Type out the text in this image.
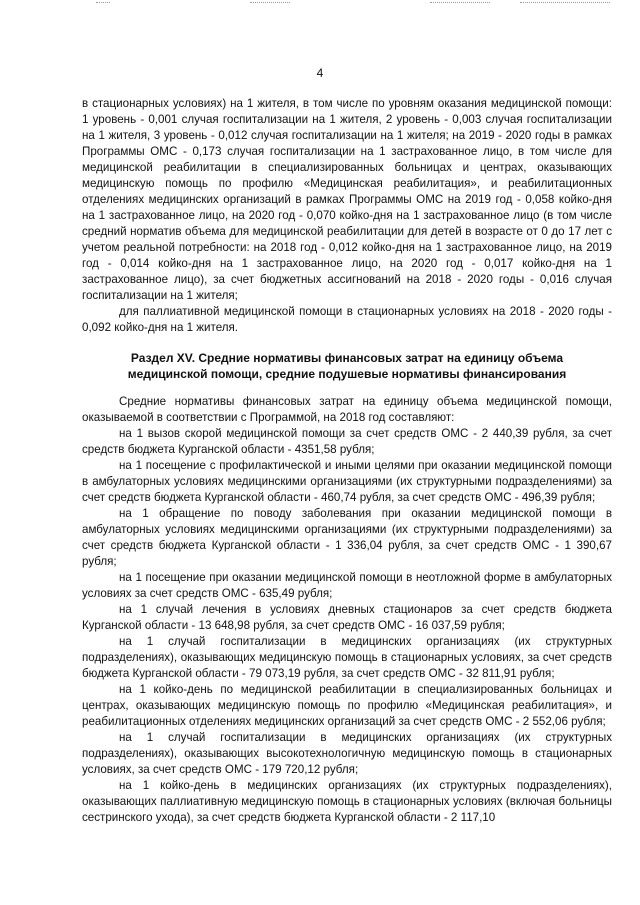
4

в стационарных условиях) на 1 жителя, в том числе по уровням оказания медицинской помощи: 1 уровень - 0,001 случая госпитализации на 1 жителя, 2 уровень - 0,003 случая госпитализации на 1 жителя, 3 уровень - 0,012 случая госпитализации на 1 жителя; на 2019 - 2020 годы в рамках Программы ОМС - 0,173 случая госпитализации на 1 застрахованное лицо, в том числе для медицинской реабилитации в специализированных больницах и центрах, оказывающих медицинскую помощь по профилю «Медицинская реабилитация», и реабилитационных отделениях медицинских организаций в рамках Программы ОМС на 2019 год - 0,058 койко-дня на 1 застрахованное лицо, на 2020 год - 0,070 койко-дня на 1 застрахованное лицо (в том числе средний норматив объема для медицинской реабилитации для детей в возрасте от 0 до 17 лет с учетом реальной потребности: на 2018 год - 0,012 койко-дня на 1 застрахованное лицо, на 2019 год - 0,014 койко-дня на 1 застрахованное лицо, на 2020 год - 0,017 койко-дня на 1 застрахованное лицо), за счет бюджетных ассигнований на 2018 - 2020 годы - 0,016 случая госпитализации на 1 жителя;

для паллиативной медицинской помощи в стационарных условиях на 2018 - 2020 годы - 0,092 койко-дня на 1 жителя.

Раздел XV. Средние нормативы финансовых затрат на единицу объема
медицинской помощи, средние подушевые нормативы финансирования

Средние нормативы финансовых затрат на единицу объема медицинской помощи, оказываемой в соответствии с Программой, на 2018 год составляют:

на 1 вызов скорой медицинской помощи за счет средств ОМС - 2 440,39 рубля, за счет средств бюджета Курганской области - 4351,58 рубля;

на 1 посещение с профилактической и иными целями при оказании медицинской помощи в амбулаторных условиях медицинскими организациями (их структурными подразделениями) за счет средств бюджета Курганской области - 460,74 рубля, за счет средств ОМС - 496,39 рубля;

на 1 обращение по поводу заболевания при оказании медицинской помощи в амбулаторных условиях медицинскими организациями (их структурными подразделениями) за счет средств бюджета Курганской области - 1 336,04 рубля, за счет средств ОМС - 1 390,67 рубля;

на 1 посещение при оказании медицинской помощи в неотложной форме в амбулаторных условиях за счет средств ОМС - 635,49 рубля;

на 1 случай лечения в условиях дневных стационаров за счет средств бюджета Курганской области - 13 648,98 рубля, за счет средств ОМС - 16 037,59 рубля;

на 1 случай госпитализации в медицинских организациях (их структурных подразделениях), оказывающих медицинскую помощь в стационарных условиях, за счет средств бюджета Курганской области - 79 073,19 рубля, за счет средств ОМС - 32 811,91 рубля;

на 1 койко-день по медицинской реабилитации в специализированных больницах и центрах, оказывающих медицинскую помощь по профилю «Медицинская реабилитация», и реабилитационных отделениях медицинских организаций за счет средств ОМС - 2 552,06 рубля;

на 1 случай госпитализации в медицинских организациях (их структурных подразделениях), оказывающих высокотехнологичную медицинскую помощь в стационарных условиях, за счет средств ОМС - 179 720,12 рубля;

на 1 койко-день в медицинских организациях (их структурных подразделениях), оказывающих паллиативную медицинскую помощь в стационарных условиях (включая больницы сестринского ухода), за счет средств бюджета Курганской области - 2 117,10
